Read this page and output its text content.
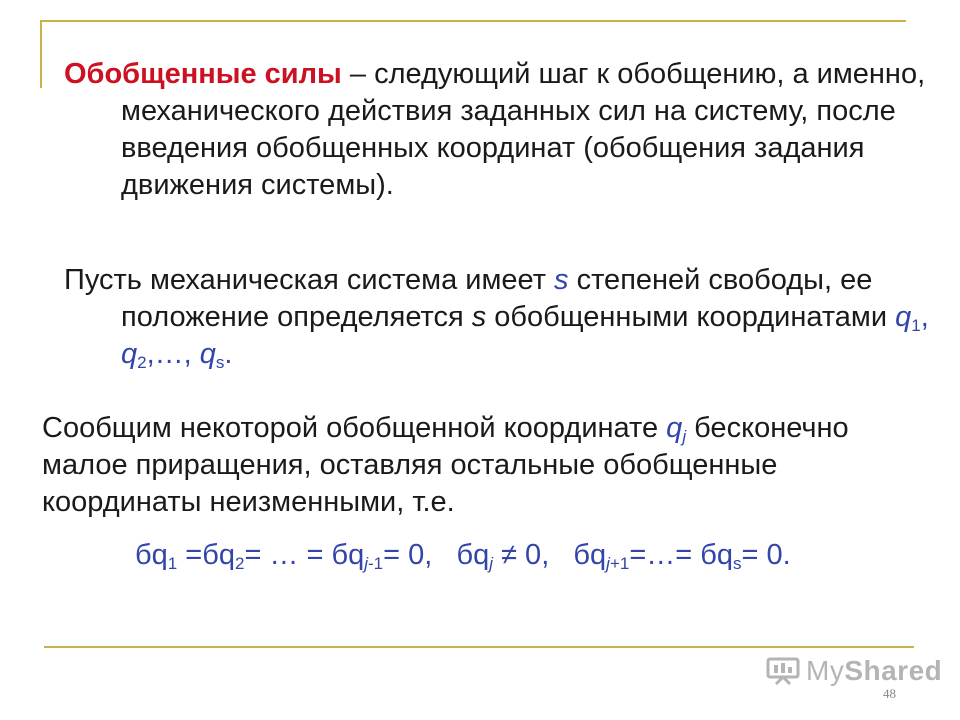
Обобщенные силы – следующий шаг к обобщению, а именно, механического действия заданных сил на систему, после введения обобщенных координат (обобщения задания движения системы).

Пусть механическая система имеет s степеней свободы, ее положение определяется s обобщенными координатами $q_1$, $q_2,\dots$, $q_s$.

Сообщим некоторой обобщенной координате $q_j$ бесконечно малое приращения, оставляя остальные обобщенные координаты неизменными, т.е.

$бq_1 =бq_2=$ … = $бq_{j-1}= 0$,   $бq_j \ne 0$,   $бq_{j+1}=\dots= бq_s= 0$.
MyShared
48
